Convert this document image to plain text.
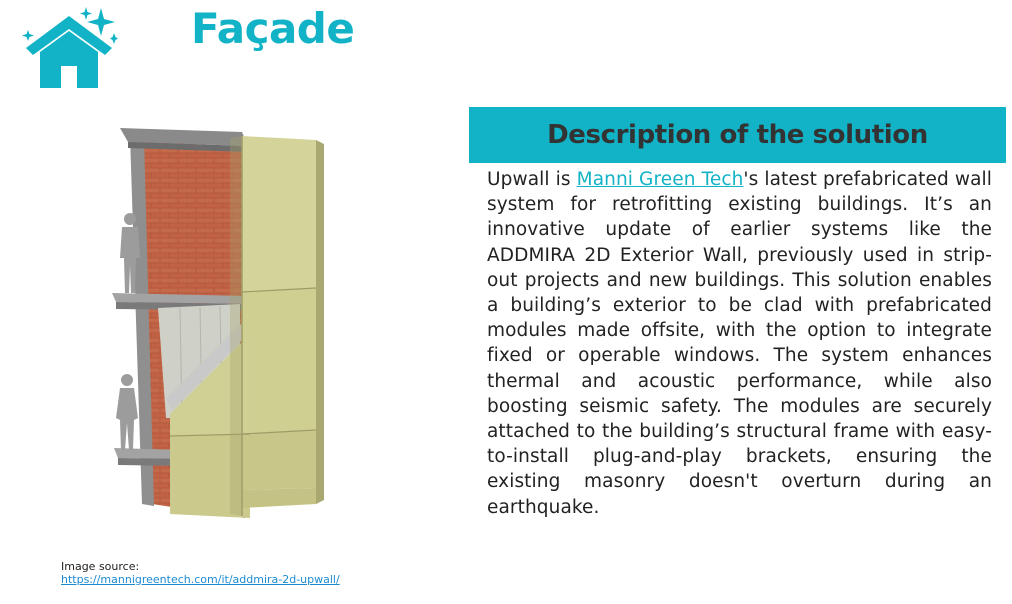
Façade
Description of the solution
Upwall is Manni Green Tech's latest prefabricated wall system for retrofitting existing buildings. It’s an innovative update of earlier systems like the ADDMIRA 2D Exterior Wall, previously used in strip-out projects and new buildings. This solution enables a building’s exterior to be clad with prefabricated modules made offsite, with the option to integrate fixed or operable windows. The system enhances thermal and acoustic performance, while also boosting seismic safety. The modules are securely attached to the building’s structural frame with easy-to-install plug-and-play brackets, ensuring the existing masonry doesn't overturn during an earthquake.
Image source:
https://mannigreentech.com/it/addmira-2d-upwall/
